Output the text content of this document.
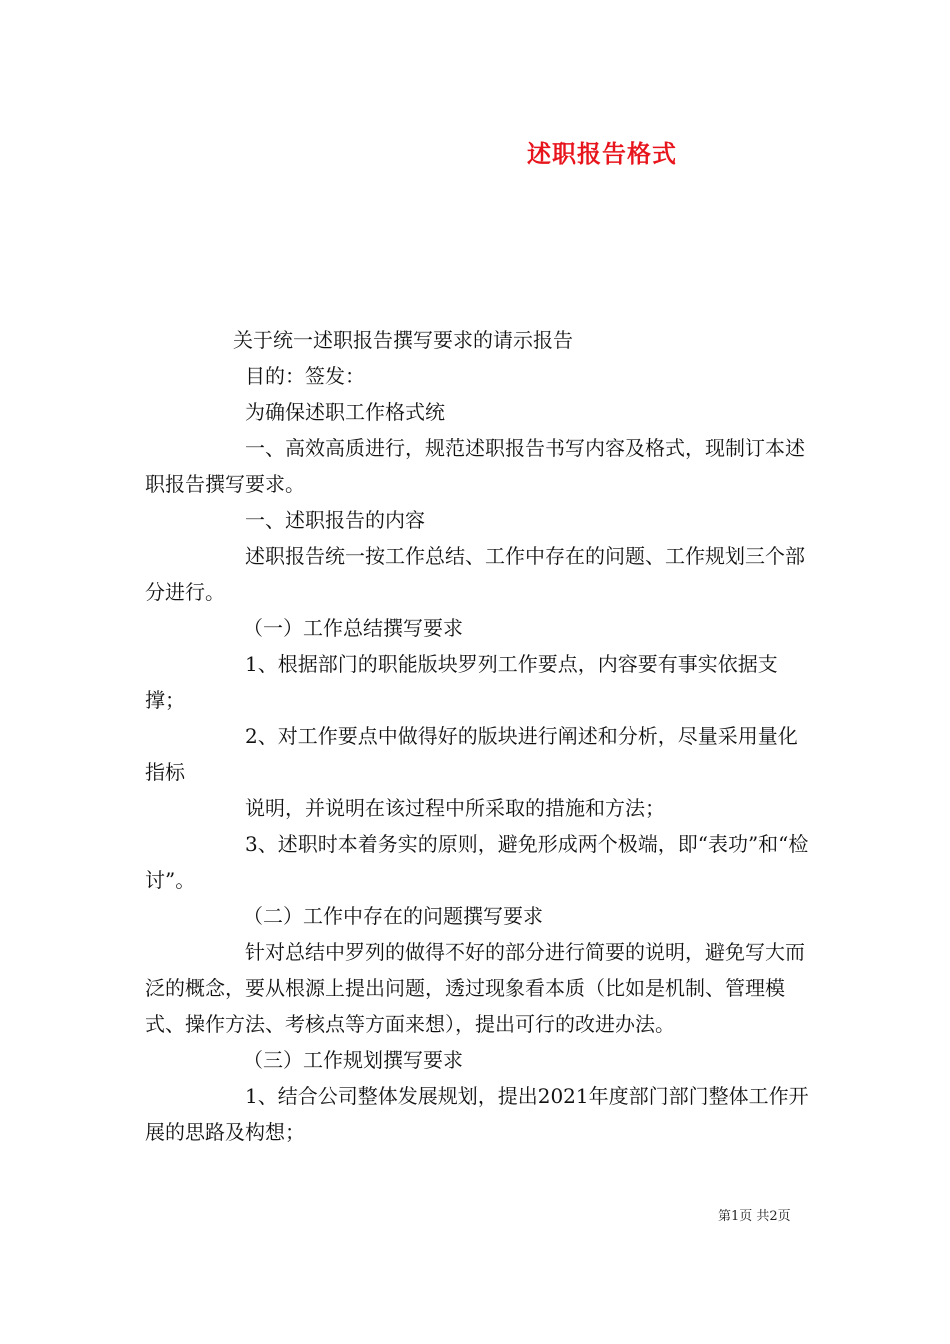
述职报告格式

关于统一述职报告撰写要求的请示报告

目的：签发：

为确保述职工作格式统

一、高效高质进行，规范述职报告书写内容及格式，现制订本述职报告撰写要求。

一、述职报告的内容

述职报告统一按工作总结、工作中存在的问题、工作规划三个部分进行。

（一）工作总结撰写要求

1、根据部门的职能版块罗列工作要点，内容要有事实依据支撑；

2、对工作要点中做得好的版块进行阐述和分析，尽量采用量化指标

说明，并说明在该过程中所采取的措施和方法；

3、述职时本着务实的原则，避免形成两个极端，即“表功”和“检讨”。

（二）工作中存在的问题撰写要求

针对总结中罗列的做得不好的部分进行简要的说明，避免写大而泛的概念，要从根源上提出问题，透过现象看本质（比如是机制、管理模式、操作方法、考核点等方面来想），提出可行的改进办法。

（三）工作规划撰写要求

1、结合公司整体发展规划，提出2021年度部门部门整体工作开展的思路及构想；

第1页 共2页
